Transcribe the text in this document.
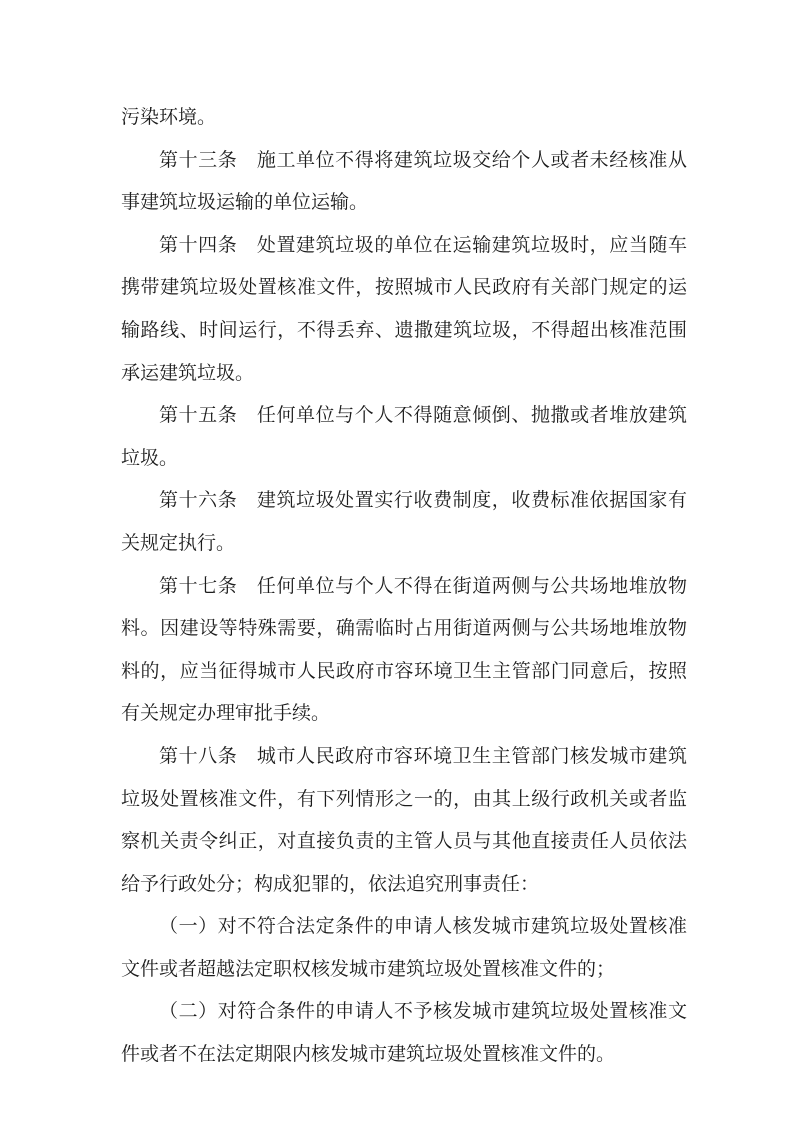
污染环境。

第十三条　施工单位不得将建筑垃圾交给个人或者未经核准从事建筑垃圾运输的单位运输。

第十四条　处置建筑垃圾的单位在运输建筑垃圾时，应当随车携带建筑垃圾处置核准文件，按照城市人民政府有关部门规定的运输路线、时间运行，不得丢弃、遗撒建筑垃圾，不得超出核准范围承运建筑垃圾。

第十五条　任何单位与个人不得随意倾倒、抛撒或者堆放建筑垃圾。

第十六条　建筑垃圾处置实行收费制度，收费标准依据国家有关规定执行。

第十七条　任何单位与个人不得在街道两侧与公共场地堆放物料。因建设等特殊需要，确需临时占用街道两侧与公共场地堆放物料的，应当征得城市人民政府市容环境卫生主管部门同意后，按照有关规定办理审批手续。

第十八条　城市人民政府市容环境卫生主管部门核发城市建筑垃圾处置核准文件，有下列情形之一的，由其上级行政机关或者监察机关责令纠正，对直接负责的主管人员与其他直接责任人员依法给予行政处分；构成犯罪的，依法追究刑事责任：

（一）对不符合法定条件的申请人核发城市建筑垃圾处置核准文件或者超越法定职权核发城市建筑垃圾处置核准文件的；

（二）对符合条件的申请人不予核发城市建筑垃圾处置核准文件或者不在法定期限内核发城市建筑垃圾处置核准文件的。
